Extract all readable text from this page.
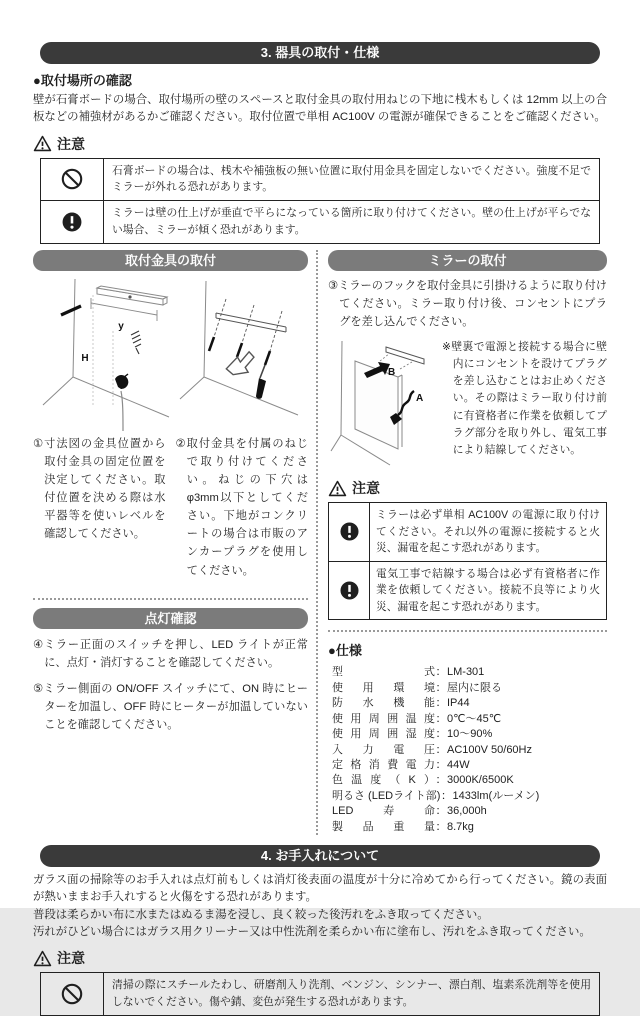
3. 器具の取付・仕様
●取付場所の確認

壁が石膏ボードの場合、取付場所の壁のスペースと取付金具の取付用ねじの下地に桟木もしくは 12mm 以上の合板などの補強材があるかご確認ください。取付位置で単相 AC100V の電源が確保できることをご確認ください。

注意
石膏ボードの場合は、桟木や補強板の無い位置に取付用金具を固定しないでください。強度不足でミラーが外れる恐れがあります。
ミラーは壁の仕上げが垂直で平らになっている箇所に取り付けてください。壁の仕上げが平らでない場合、ミラーが傾く恐れがあります。
取付金具の取付
y
H

①寸法図の金具位置から取付金具の固定位置を決定してください。取付位置を決める際は水平器等を使いレベルを確認してください。

②取付金具を付属のねじで取り付けてください。ねじの下穴はφ3mm以下としてください。下地がコンクリートの場合は市販のアンカープラグを使用してください。

点灯確認

④ミラー正面のスイッチを押し、LED ライトが正常に、点灯・消灯することを確認してください。

⑤ミラー側面の ON/OFF スイッチにて、ON 時にヒーターを加温し、OFF 時にヒーターが加温していないことを確認してください。

ミラーの取付

③ミラーのフックを取付金具に引掛けるように取り付けてください。ミラー取り付け後、コンセントにプラグを差し込んでください。

B
A

※壁裏で電源と接続する場合に壁内にコンセントを設けてプラグを差し込むことはお止めください。その際はミラー取り付け前に有資格者に作業を依頼してプラグ部分を取り外し、電気工事により結線してください。

注意
ミラーは必ず単相 AC100V の電源に取り付けてください。それ以外の電源に接続すると火災、漏電を起こす恐れがあります。
電気工事で結線する場合は必ず有資格者に作業を依頼してください。接続不良等により火災、漏電を起こす恐れがあります。
●仕様
型式 ： LM-301
使用環境 ： 屋内に限る
防水機能 ： IP44
使用周囲温度 ： 0℃〜45℃
使用周囲湿度 ： 10〜90%
入力電圧 ： AC100V 50/60Hz
定格消費電力 ： 44W
色温度（K） ： 3000K/6500K
明るさ (LEDライト部) ： 1433lm(ルーメン)
LED寿命 ： 36,000h
製品重量 ： 8.7kg
4. お手入れについて

ガラス面の掃除等のお手入れは点灯前もしくは消灯後表面の温度が十分に冷めてから行ってください。鏡の表面が熱いままお手入れすると火傷をする恐れがあります。

普段は柔らかい布に水またはぬるま湯を浸し、良く絞った後汚れをふき取ってください。

汚れがひどい場合にはガラス用クリーナー又は中性洗剤を柔らかい布に塗布し、汚れをふき取ってください。

注意
清掃の際にスチールたわし、研磨剤入り洗剤、ベンジン、シンナー、漂白剤、塩素系洗剤等を使用しないでください。傷や錆、変色が発生する恐れがあります。
